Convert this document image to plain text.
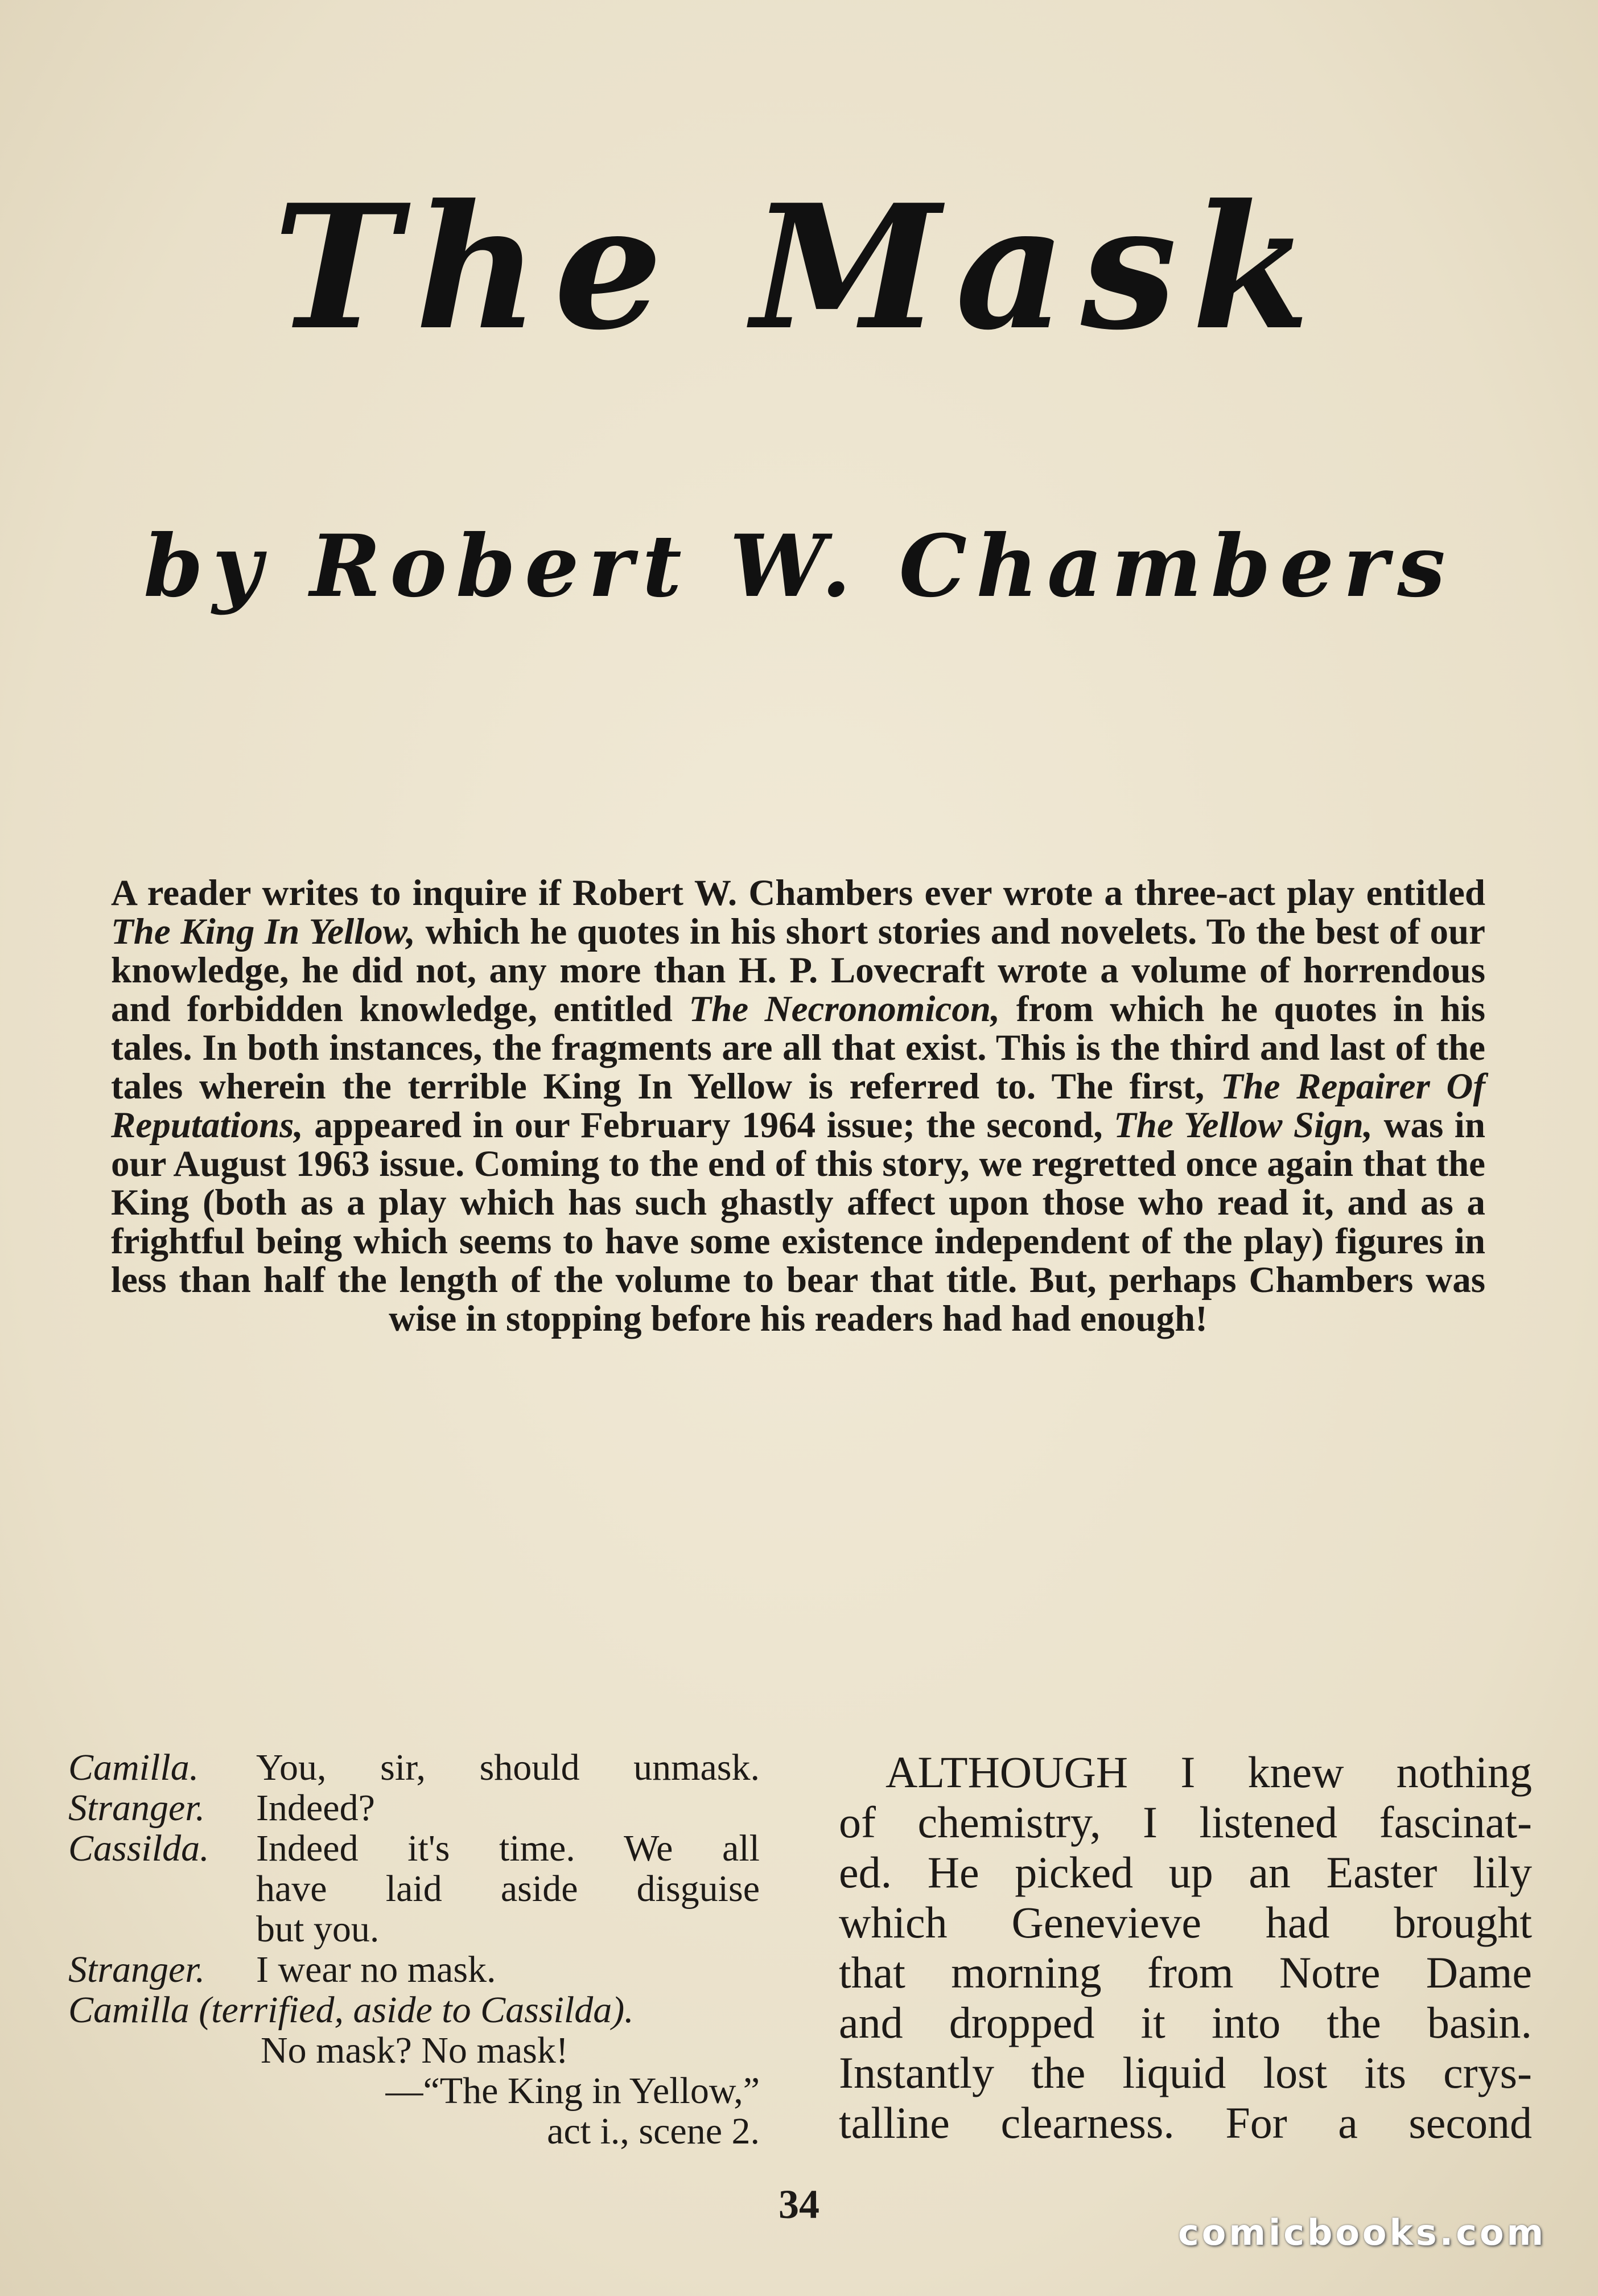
The Mask
by Robert W. Chambers

A reader writes to inquire if Robert W. Chambers ever wrote a three-act play entitled The King In Yellow, which he quotes in his short stories and novelets. To the best of our knowledge, he did not, any more than H. P. Lovecraft wrote a volume of horrendous and forbidden knowledge, entitled The Necronomicon, from which he quotes in his tales. In both instances, the fragments are all that exist. This is the third and last of the tales wherein the terrible King In Yellow is referred to. The first, The Repairer Of Reputations, appeared in our February 1964 issue; the second, The Yellow Sign, was in our August 1963 issue. Coming to the end of this story, we regretted once again that the King (both as a play which has such ghastly affect upon those who read it, and as a frightful being which seems to have some existence independent of the play) figures in less than half the length of the volume to bear that title. But, perhaps Chambers was wise in stopping before his readers had had enough!

Camilla.	You, sir, should unmask.
Stranger.	Indeed?
Cassilda.	Indeed it's time. We all
have laid aside disguise
but you.
Stranger.	I wear no mask.
Camilla (terrified, aside to Cassilda).
No mask? No mask!
—“The King in Yellow,”
act i., scene 2.
ALTHOUGH I knew nothing
of chemistry, I listened fascinat-
ed. He picked up an Easter lily
which Genevieve had brought
that morning from Notre Dame
and dropped it into the basin.
Instantly the liquid lost its crys-
talline clearness. For a second
34
comicbooks.com
